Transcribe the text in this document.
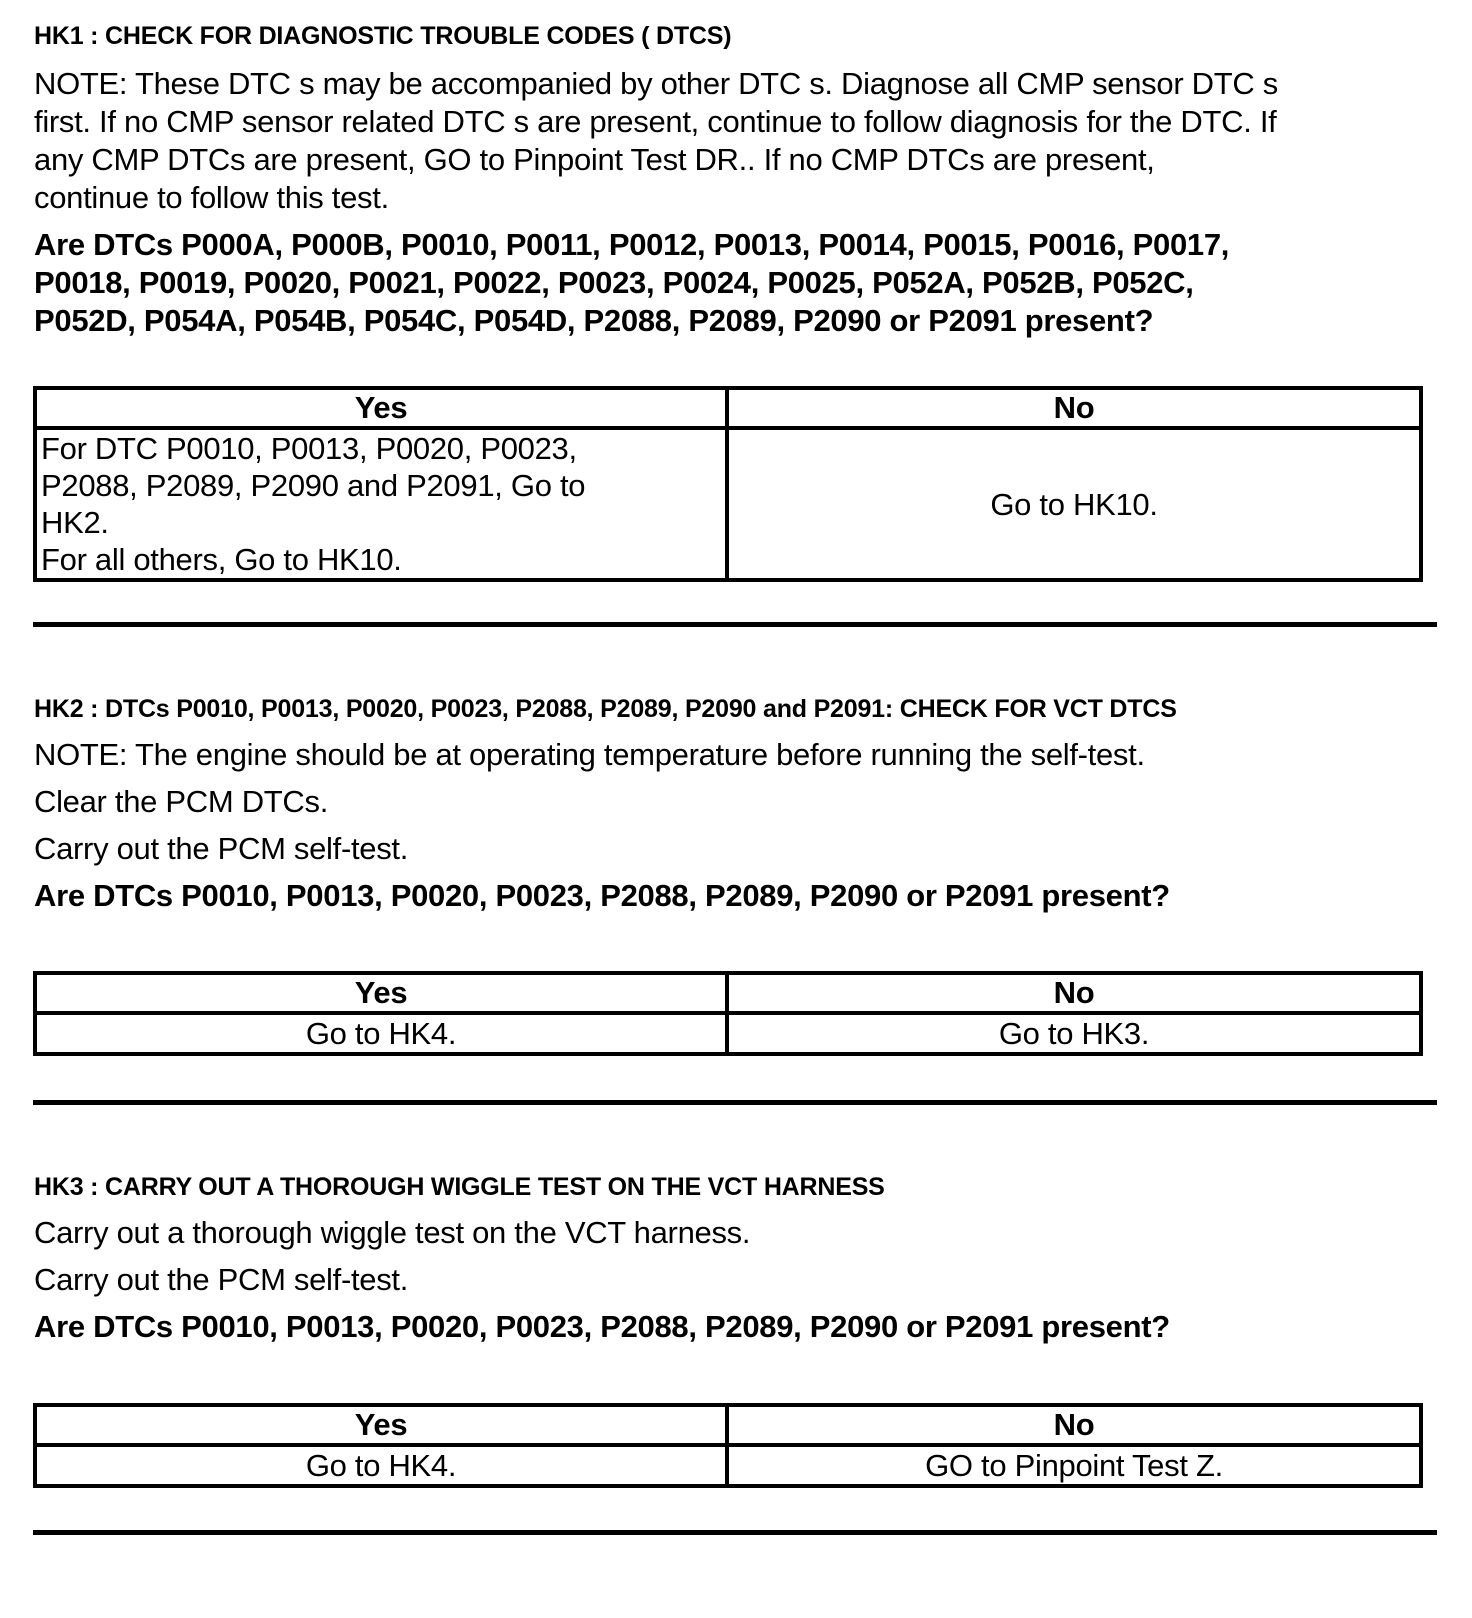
HK1 : CHECK FOR DIAGNOSTIC TROUBLE CODES ( DTCS)

NOTE: These DTC s may be accompanied by other DTC s. Diagnose all CMP sensor DTC s

first. If no CMP sensor related DTC s are present, continue to follow diagnosis for the DTC. If

any CMP DTCs are present, GO to Pinpoint Test DR.. If no CMP DTCs are present,

continue to follow this test.

Are DTCs P000A, P000B, P0010, P0011, P0012, P0013, P0014, P0015, P0016, P0017,

P0018, P0019, P0020, P0021, P0022, P0023, P0024, P0025, P052A, P052B, P052C,

P052D, P054A, P054B, P054C, P054D, P2088, P2089, P2090 or P2091 present?

Yes	No

For DTC P0010, P0013, P0020, P0023,
P2088, P2089, P2090 and P2091, Go to
HK2.
For all others, Go to HK10.	Go to HK10.
HK2 : DTCs P0010, P0013, P0020, P0023, P2088, P2089, P2090 and P2091: CHECK FOR VCT DTCS

NOTE: The engine should be at operating temperature before running the self-test.

Clear the PCM DTCs.

Carry out the PCM self-test.

Are DTCs P0010, P0013, P0020, P0023, P2088, P2089, P2090 or P2091 present?

Yes	No
Go to HK4.	Go to HK3.
HK3 : CARRY OUT A THOROUGH WIGGLE TEST ON THE VCT HARNESS

Carry out a thorough wiggle test on the VCT harness.

Carry out the PCM self-test.

Are DTCs P0010, P0013, P0020, P0023, P2088, P2089, P2090 or P2091 present?

Yes	No
Go to HK4.	GO to Pinpoint Test Z.
